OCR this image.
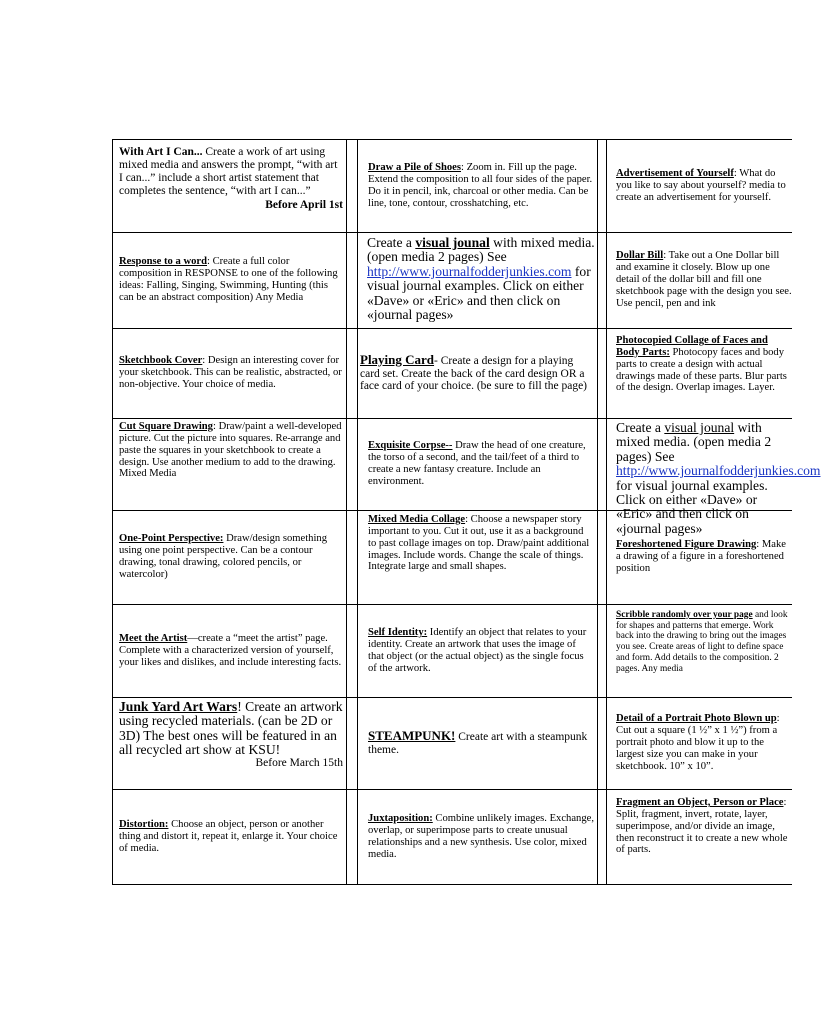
With Art I Can... Create a work of art using mixed media and answers the prompt, “with art I can...” include a short artist statement that completes the sentence, “with art I can...”
Before April 1st
Draw a Pile of Shoes: Zoom in. Fill up the page. Extend the composition to all four sides of the paper. Do it in pencil, ink, charcoal or other media. Can be line, tone, contour, crosshatching, etc.
Advertisement of Yourself: What do you like to say about yourself? media to create an advertisement for yourself.
Response to a word: Create a full color composition in RESPONSE to one of the following ideas: Falling, Singing, Swimming, Hunting (this can be an abstract composition) Any Media
Create a visual jounal with mixed media. (open media 2 pages) See http://www.journalfodderjunkies.com for visual journal examples. Click on either «Dave» or «Eric» and then click on «journal pages»
Dollar Bill: Take out a One Dollar bill and examine it closely. Blow up one detail of the dollar bill and fill one sketchbook page with the design you see. Use pencil, pen and ink
Sketchbook Cover: Design an interesting cover for your sketchbook. This can be realistic, abstracted, or non-objective. Your choice of media.
Playing Card- Create a design for a playing card set. Create the back of the card design OR a face card of your choice. (be sure to fill the page)
Photocopied Collage of Faces and Body Parts: Photocopy faces and body parts to create a design with actual drawings made of these parts. Blur parts of the design. Overlap images. Layer.
Cut Square Drawing: Draw/paint a well-developed picture. Cut the picture into squares. Re-arrange and paste the squares in your sketchbook to create a design. Use another medium to add to the drawing. Mixed Media
Exquisite Corpse-- Draw the head of one creature, the torso of a second, and the tail/feet of a third to create a new fantasy creature. Include an environment.
Create a visual jounal with mixed media. (open media 2 pages) See http://www.journalfodderjunkies.com for visual journal examples. Click on either «Dave» or «Eric» and then click on «journal pages»
One-Point Perspective: Draw/design something using one point perspective. Can be a contour drawing, tonal drawing, colored pencils, or watercolor)
Mixed Media Collage: Choose a newspaper story important to you. Cut it out, use it as a background to past collage images on top. Draw/paint additional images. Include words. Change the scale of things. Integrate large and small shapes.
Foreshortened Figure Drawing: Make a drawing of a figure in a foreshortened position
Meet the Artist—create a “meet the artist” page. Complete with a characterized version of yourself, your likes and dislikes, and include interesting facts.
Self Identity: Identify an object that relates to your identity. Create an artwork that uses the image of that object (or the actual object) as the single focus of the artwork.
Scribble randomly over your page and look for shapes and patterns that emerge. Work back into the drawing to bring out the images you see. Create areas of light to define space and form. Add details to the composition. 2 pages. Any media
Junk Yard Art Wars! Create an artwork using recycled materials. (can be 2D or 3D) The best ones will be featured in an all recycled art show at KSU!
Before March 15th
STEAMPUNK! Create art with a steampunk theme.
Detail of a Portrait Photo Blown up: Cut out a square (1 ½” x 1 ½”) from a portrait photo and blow it up to the largest size you can make in your sketchbook. 10” x 10”.
Distortion: Choose an object, person or another thing and distort it, repeat it, enlarge it. Your choice of media.
Juxtaposition: Combine unlikely images. Exchange, overlap, or superimpose parts to create unusual relationships and a new synthesis. Use color, mixed media.
Fragment an Object, Person or Place: Split, fragment, invert, rotate, layer, superimpose, and/or divide an image, then reconstruct it to create a new whole of parts.
